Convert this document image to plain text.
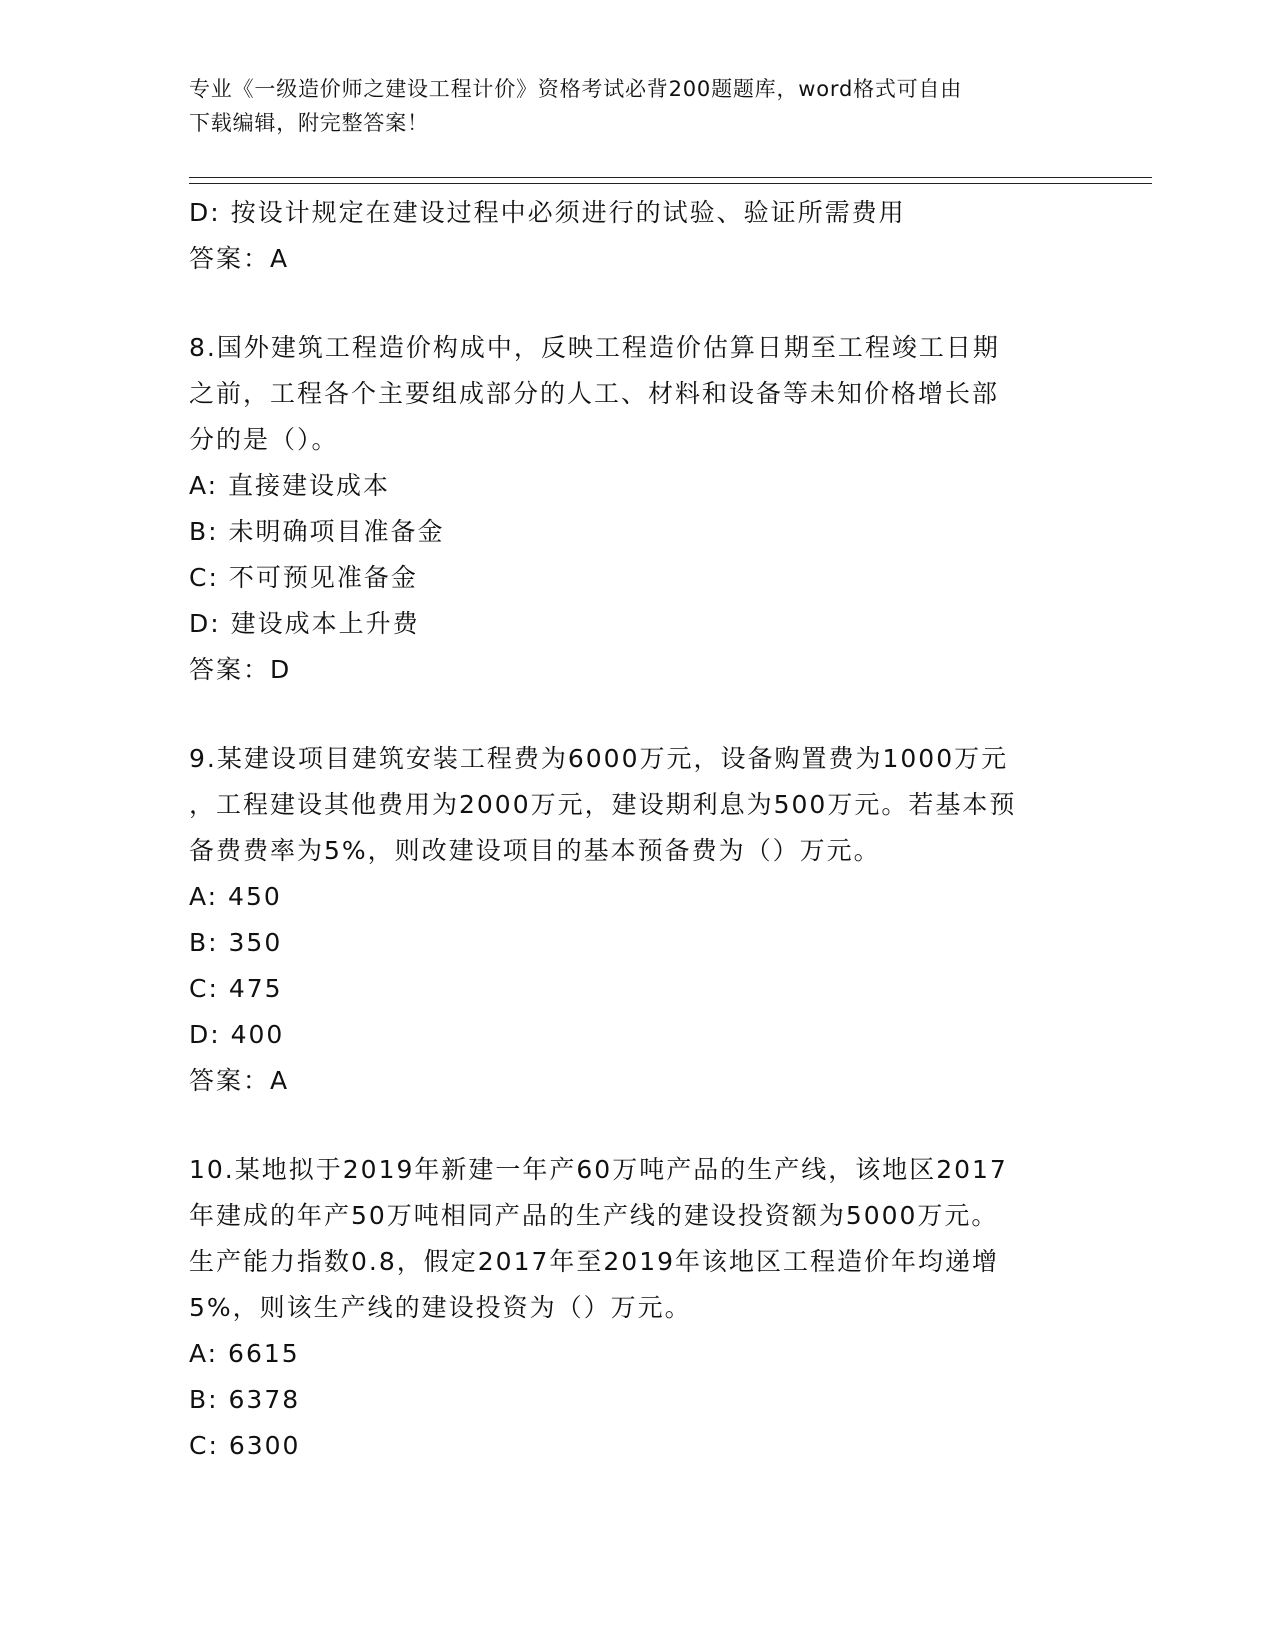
专业《一级造价师之建设工程计价》资格考试必背200题题库，word格式可自由
下载编辑，附完整答案！
D: 按设计规定在建设过程中必须进行的试验、验证所需费用
答案：A
8.国外建筑工程造价构成中，反映工程造价估算日期至工程竣工日期
之前，工程各个主要组成部分的人工、材料和设备等未知价格增长部
分的是（）。
A: 直接建设成本
B: 未明确项目准备金
C: 不可预见准备金
D: 建设成本上升费
答案：D
9.某建设项目建筑安装工程费为6000万元，设备购置费为1000万元
，工程建设其他费用为2000万元，建设期利息为500万元。若基本预
备费费率为5%，则改建设项目的基本预备费为（）万元。
A: 450
B: 350
C: 475
D: 400
答案：A
10.某地拟于2019年新建一年产60万吨产品的生产线，该地区2017
年建成的年产50万吨相同产品的生产线的建设投资额为5000万元。
生产能力指数0.8，假定2017年至2019年该地区工程造价年均递增
5%，则该生产线的建设投资为（）万元。
A: 6615
B: 6378
C: 6300
